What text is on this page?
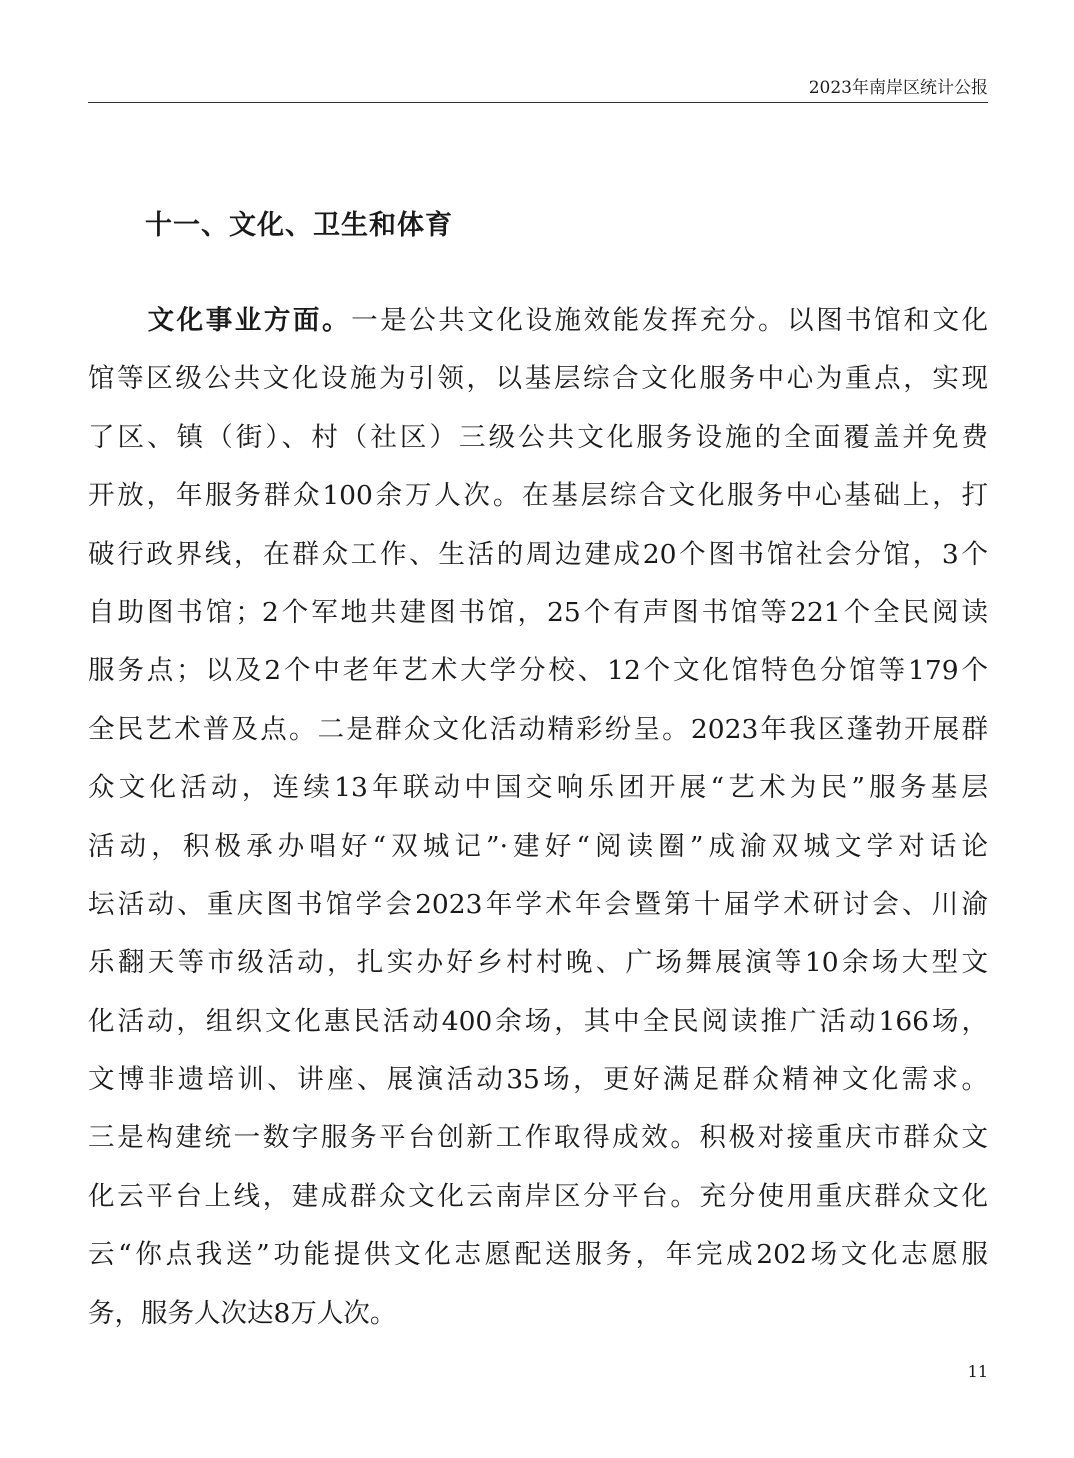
2023年南岸区统计公报
十一、文化、卫生和体育
文化事业方面。一是公共文化设施效能发挥充分。以图书馆和文化
馆等区级公共文化设施为引领，以基层综合文化服务中心为重点，实现
了区、镇（街）、村（社区）三级公共文化服务设施的全面覆盖并免费
开放，年服务群众100余万人次。在基层综合文化服务中心基础上，打
破行政界线，在群众工作、生活的周边建成20个图书馆社会分馆，3个
自助图书馆；2个军地共建图书馆，25个有声图书馆等221个全民阅读
服务点；以及2个中老年艺术大学分校、12个文化馆特色分馆等179个
全民艺术普及点。二是群众文化活动精彩纷呈。2023年我区蓬勃开展群
众文化活动，连续13年联动中国交响乐团开展“艺术为民”服务基层
活动，积极承办唱好“双城记”·建好“阅读圈”成渝双城文学对话论
坛活动、重庆图书馆学会2023年学术年会暨第十届学术研讨会、川渝
乐翻天等市级活动，扎实办好乡村村晚、广场舞展演等10余场大型文
化活动，组织文化惠民活动400余场，其中全民阅读推广活动166场，
文博非遗培训、讲座、展演活动35场，更好满足群众精神文化需求。
三是构建统一数字服务平台创新工作取得成效。积极对接重庆市群众文
化云平台上线，建成群众文化云南岸区分平台。充分使用重庆群众文化
云“你点我送”功能提供文化志愿配送服务，年完成202场文化志愿服
务，服务人次达8万人次。
11
